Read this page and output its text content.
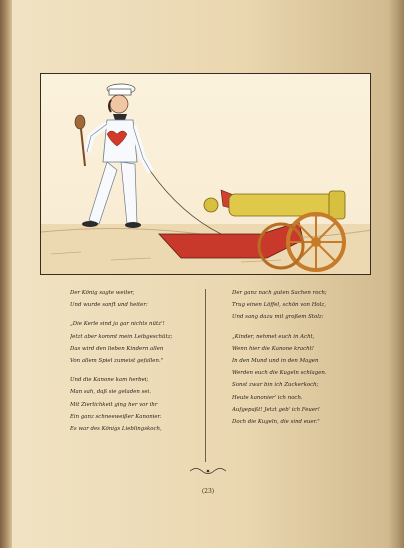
Der König sagte weiter,
Und wurde sanft und heiter:
„Die Kerle sind ja gar nichts nütz'!
Jetzt aber kommt mein Leibgeschütz;
Das wird den lieben Kindern allen
Von allem Spiel zumeist gefallen."
Und die Kanone kam herbei;
Man sah, daß sie geladen sei.
Mit Zierlichkeit ging her vor ihr
Ein ganz schneeweißer Kanonier.
Es war des Königs Lieblingskoch,
Der ganz nach guten Sachen roch;
Trug einen Löffel, schön von Holz,
Und sang dazu mit großem Stolz:
„Kinder, nehmet euch in Acht,
Wenn hier die Kanone kracht!
In den Mund und in den Magen
Werden euch die Kugeln schlagen.
Sonst zwar bin ich Zuckerkoch;
Heute kanonier' ich noch.
Aufgepaßt! Jetzt geb' ich Feuer!
Doch die Kugeln, die sind euer."
(23)
